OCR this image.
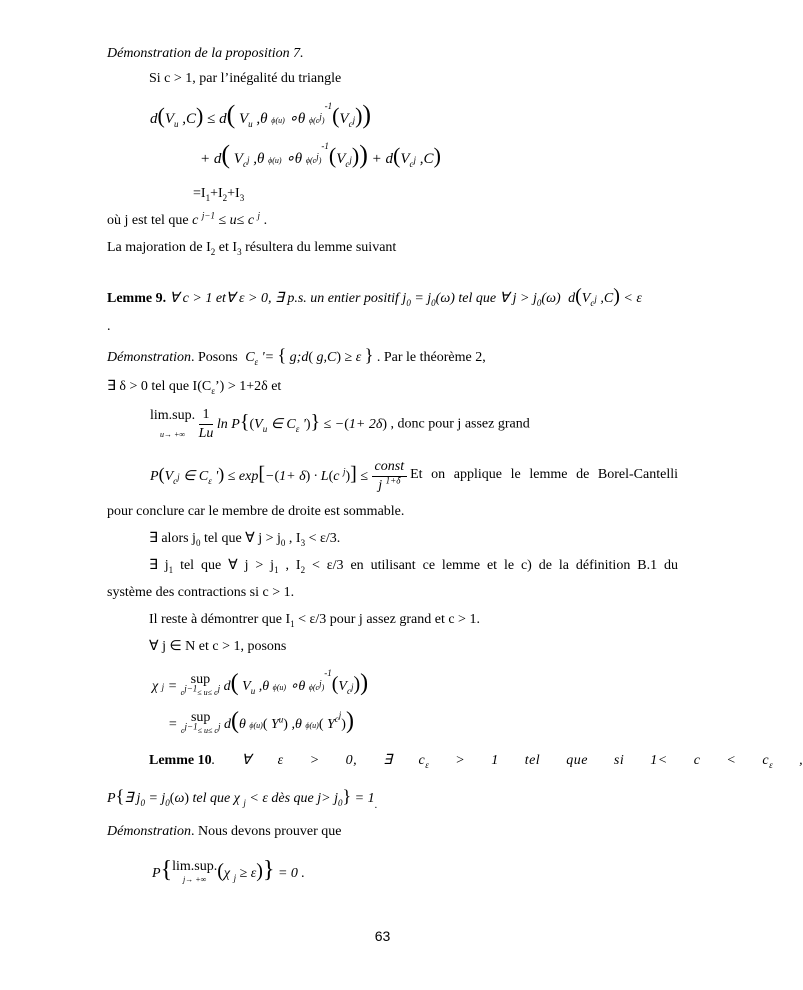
Démonstration de la proposition 7.
Si c > 1, par l’inégalité du triangle
$d(V_u$ ,C) ≤ d( $V_u$ ,θ ϕ(u) ∘θ $\phi(c^j)^{-1}(V_{c^j})$)
+ d( $V_{c^j}$ ,θ ϕ(u) ∘θ $\phi(c^j)^{-1}(V_{c^j})) + d(V_{c^j}$ ,C)
$=I_1+I_2+I_3$
où j est tel que c $^{j-1}$ ≤ u≤ c $^j$ .
La majoration de $I_2$ et $I_3$ résultera du lemme suivant
Lemme 9. ∀ c > 1 et∀ ε > 0, ∃ p.s. un entier positif $j_0 = j_0(\omega)$ tel que ∀ $j > j_0(\omega)$ $d(V_{c^j}$ ,C) < ε
.
Démonstration. Posons $C_\varepsilon$ '= { g;d( g,C) ≥ ε } . Par le théorème 2,
∃ δ > 0 tel que $I(C_\varepsilon’) > 1+2\delta$ et
lim.sup.
u→ +∞ $\frac{1}{Lu}$ $\ln P\{(V_u$ ∈ $C_\varepsilon$ ')} ≤ −(1+ 2δ) , donc pour j assez grand
$P(V_{c^j}$ ∈ $C_\varepsilon$ ') ≤ exp[−(1+ δ) · L(c $^j$)] ≤
const
j $^{1+\delta}$
. Et on applique le lemme de Borel-Cantelli
pour conclure car le membre de droite est sommable.
∃ alors $j_0$ tel que ∀ $j > j_0$ , $I_3 < \varepsilon/3$.
∃ $j_1$ tel que ∀ $j > j_1$ , $I_2 < \varepsilon/3$ en utilisant ce lemme et le c) de la définition B.1 du
système des contractions si c > 1.
Il reste à démontrer que $I_1 < \varepsilon/3$ pour j assez grand et c > 1.
∀ j ∈ N et c > 1, posons
χ j = sup
$c^{j-1}\le u\le c^j$ d( $V_u$ ,θ ϕ(u) ∘θ $\phi(c^j)^{-1}(V_{c^j})$)
= sup
$c^{j-1}\le u\le c^j$ d(θ ϕ(u)( $Y^u$) ,θ ϕ(u)( $Y^{c^j}$))
Lemme 10. ∀ ε > 0, ∃ $c_\varepsilon > 1$ tel que si $1< c < c_\varepsilon$ ,
P{∃ $j_0 = j_0(\omega)$ tel que χ $_j$ < ε dès que $j> j_0\} = 1_.$
Démonstration. Nous devons prouver que
P{lim.sup.
j→ +∞ (χ $_j$ ≥ ε)} = 0 .
63
